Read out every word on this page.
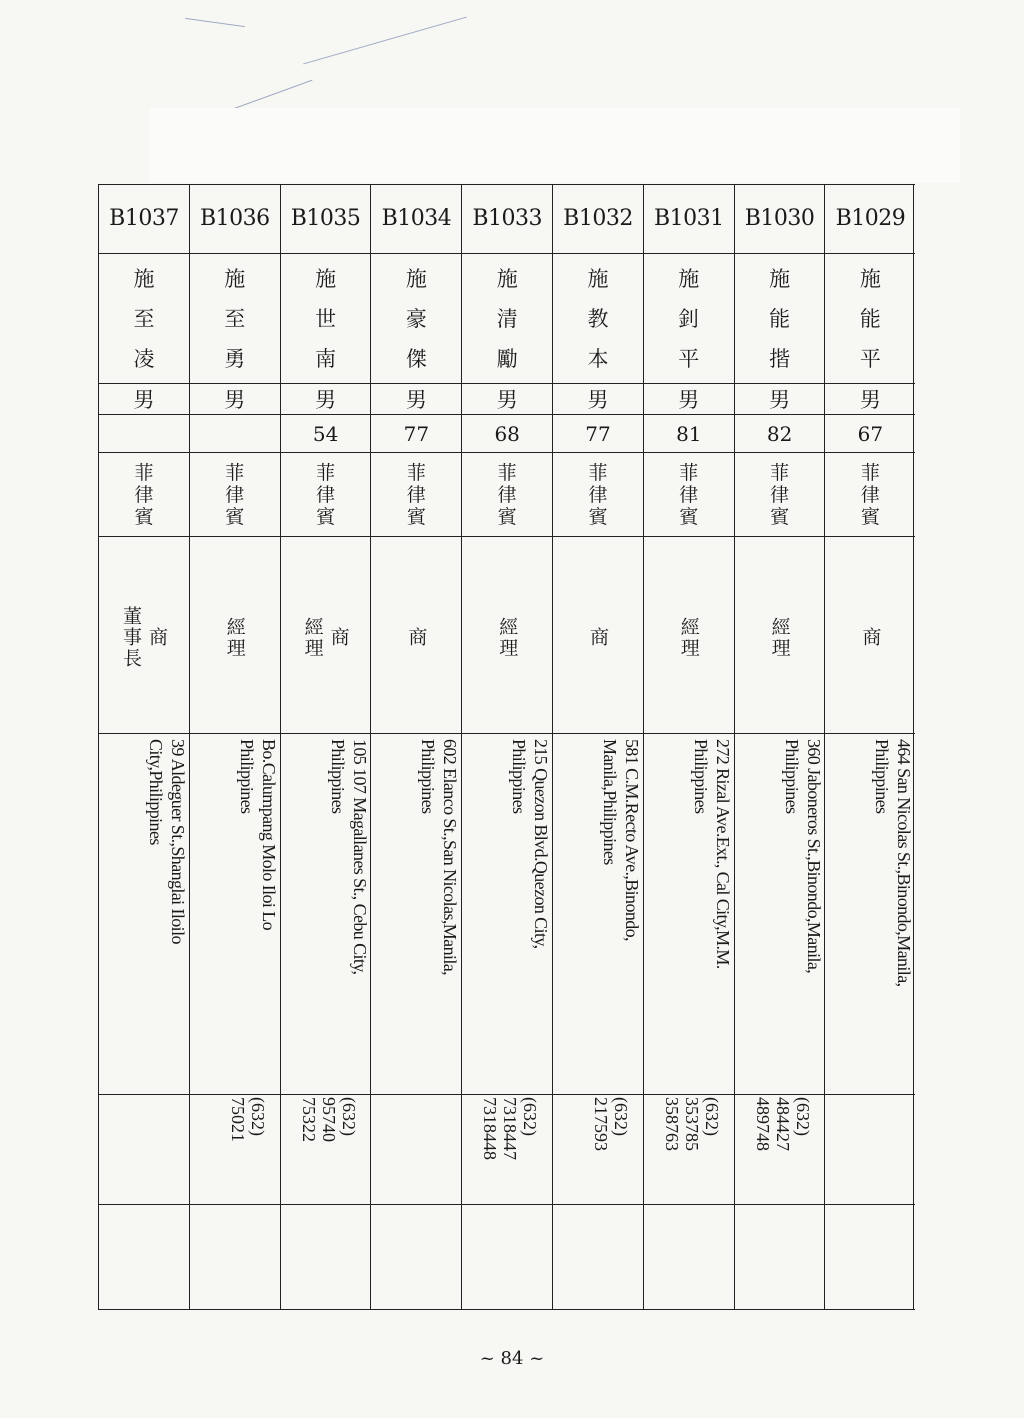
B1037
施
至
凌
男
菲
律
賓
商
董事長
39 Aldeguer St.,Shanglai Iloilo
City,Philippines
B1036
施
至
勇
男
菲
律
賓
經理
Bo.Calumpang Molo Iloi Lo
Philippines
(632)
75021
B1035
施
世
南
男
54
菲
律
賓
商
經理
105 107 Magallanes St., Cebu City,
Philippines
(632)
95740
75322
B1034
施
豪
傑
男
77
菲
律
賓
商
602 Elanco St.,San Nicolas,Manila,
Philippines
B1033
施
清
勵
男
68
菲
律
賓
經理
215 Quezon Blvd.Quezon City,
Philippines
(632)
7318447
7318448
B1032
施
教
本
男
77
菲
律
賓
商
581 C.M.Recto Ave.,Binondo,
Manila,Philippines
(632)
217593
B1031
施
釗
平
男
81
菲
律
賓
經理
272 Rizal Ave.Ext., Cal City,M.M.
Philippines
(632)
353785
358763
B1030
施
能
揩
男
82
菲
律
賓
經理
360 Jaboneros St.,Binondo,Manila,
Philippines
(632)
484427
489748
B1029
施
能
平
男
67
菲
律
賓
商
464 San Nicolas St.,Binondo,Manila,
Philippines
~ 84 ~
